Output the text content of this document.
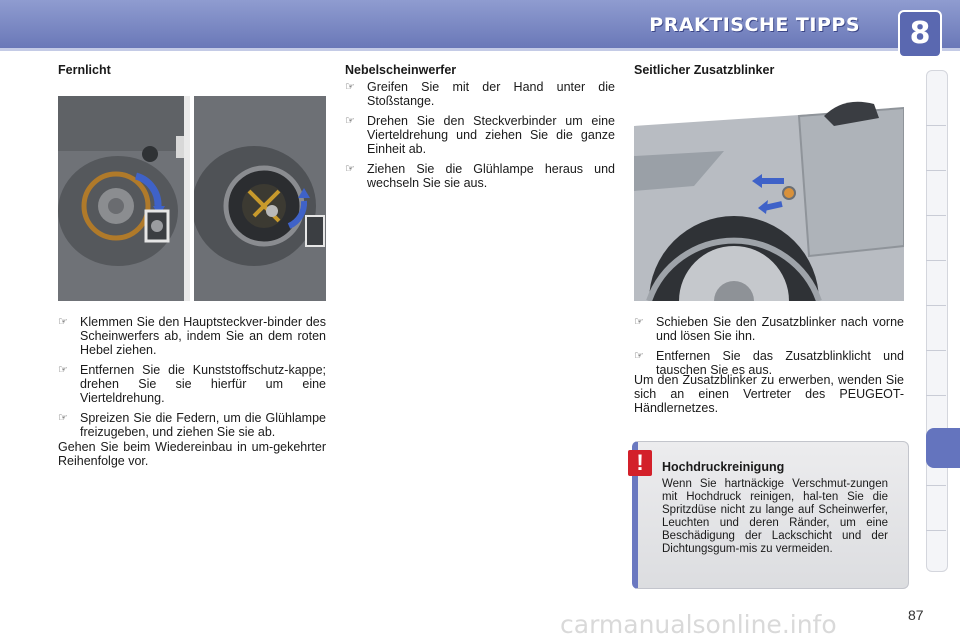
PRAKTISCHE TIPPS	8
Fernlicht
☞ Klemmen Sie den Hauptsteckver-binder des Scheinwerfers ab, indem Sie an dem roten Hebel ziehen.
☞ Entfernen Sie die Kunststoffschutz-kappe; drehen Sie sie hierfür um eine Vierteldrehung.
☞ Spreizen Sie die Federn, um die Glühlampe freizugeben, und ziehen Sie sie ab.

Gehen Sie beim Wiedereinbau in um-gekehrter Reihenfolge vor.

Nebelscheinwerfer
☞ Greifen Sie mit der Hand unter die Stoßstange.
☞ Drehen Sie den Steckverbinder um eine Vierteldrehung und ziehen Sie die ganze Einheit ab.
☞ Ziehen Sie die Glühlampe heraus und wechseln Sie sie aus.
Seitlicher Zusatzblinker
☞ Schieben Sie den Zusatzblinker nach vorne und lösen Sie ihn.
☞ Entfernen Sie das Zusatzblinklicht und tauschen Sie es aus.

Um den Zusatzblinker zu erwerben, wenden Sie sich an einen Vertreter des PEUGEOT-Händlernetzes.

!	Hochdruckreinigung

Wenn Sie hartnäckige Verschmut-zungen mit Hochdruck reinigen, hal-ten Sie die Spritzdüse nicht zu lange auf Scheinwerfer, Leuchten und deren Ränder, um eine Beschädigung der Lackschicht und der Dichtungsgum-mis zu vermeiden.

carmanualsonline.info	87
